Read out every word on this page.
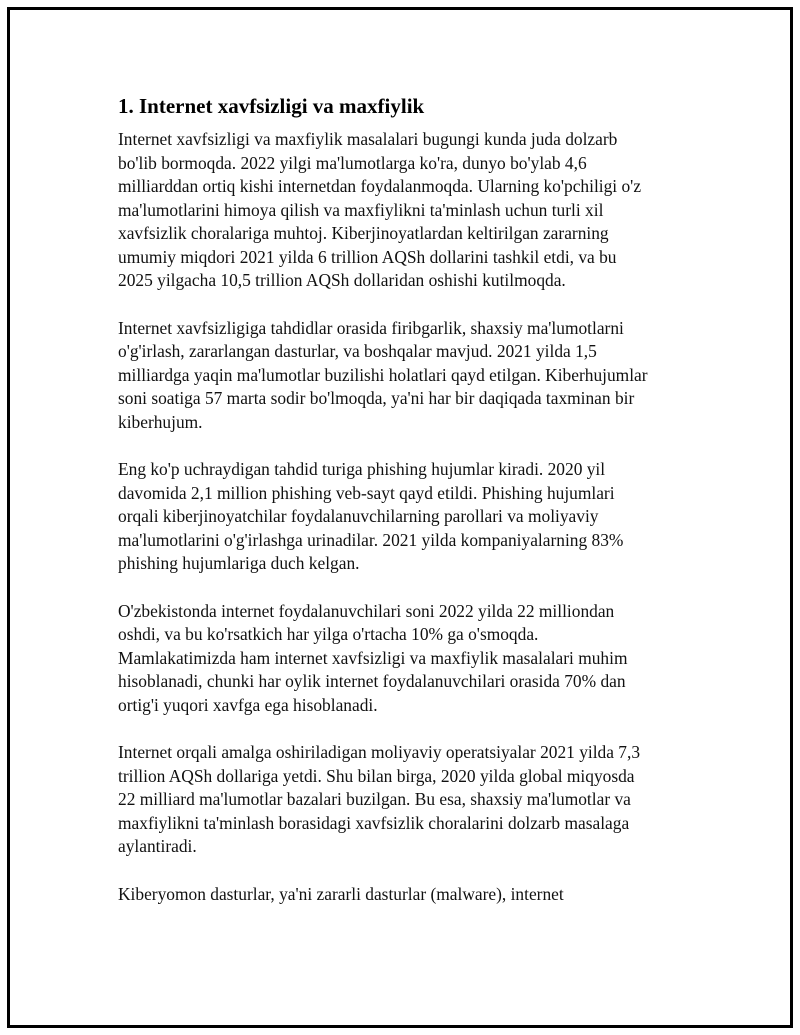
1. Internet xavfsizligi va maxfiylik

Internet xavfsizligi va maxfiylik masalalari bugungi kunda juda dolzarb
bo'lib bormoqda. 2022 yilgi ma'lumotlarga ko'ra, dunyo bo'ylab 4,6
milliarddan ortiq kishi internetdan foydalanmoqda. Ularning ko'pchiligi o'z
ma'lumotlarini himoya qilish va maxfiylikni ta'minlash uchun turli xil
xavfsizlik choralariga muhtoj. Kiberjinoyatlardan keltirilgan zararning
umumiy miqdori 2021 yilda 6 trillion AQSh dollarini tashkil etdi, va bu
2025 yilgacha 10,5 trillion AQSh dollaridan oshishi kutilmoqda.

Internet xavfsizligiga tahdidlar orasida firibgarlik, shaxsiy ma'lumotlarni
o'g'irlash, zararlangan dasturlar, va boshqalar mavjud. 2021 yilda 1,5
milliardga yaqin ma'lumotlar buzilishi holatlari qayd etilgan. Kiberhujumlar
soni soatiga 57 marta sodir bo'lmoqda, ya'ni har bir daqiqada taxminan bir
kiberhujum.

Eng ko'p uchraydigan tahdid turiga phishing hujumlar kiradi. 2020 yil
davomida 2,1 million phishing veb-sayt qayd etildi. Phishing hujumlari
orqali kiberjinoyatchilar foydalanuvchilarning parollari va moliyaviy
ma'lumotlarini o'g'irlashga urinadilar. 2021 yilda kompaniyalarning 83%
phishing hujumlariga duch kelgan.

O'zbekistonda internet foydalanuvchilari soni 2022 yilda 22 milliondan
oshdi, va bu ko'rsatkich har yilga o'rtacha 10% ga o'smoqda.
Mamlakatimizda ham internet xavfsizligi va maxfiylik masalalari muhim
hisoblanadi, chunki har oylik internet foydalanuvchilari orasida 70% dan
ortig'i yuqori xavfga ega hisoblanadi.

Internet orqali amalga oshiriladigan moliyaviy operatsiyalar 2021 yilda 7,3
trillion AQSh dollariga yetdi. Shu bilan birga, 2020 yilda global miqyosda
22 milliard ma'lumotlar bazalari buzilgan. Bu esa, shaxsiy ma'lumotlar va
maxfiylikni ta'minlash borasidagi xavfsizlik choralarini dolzarb masalaga
aylantiradi.

Kiberyomon dasturlar, ya'ni zararli dasturlar (malware), internet
